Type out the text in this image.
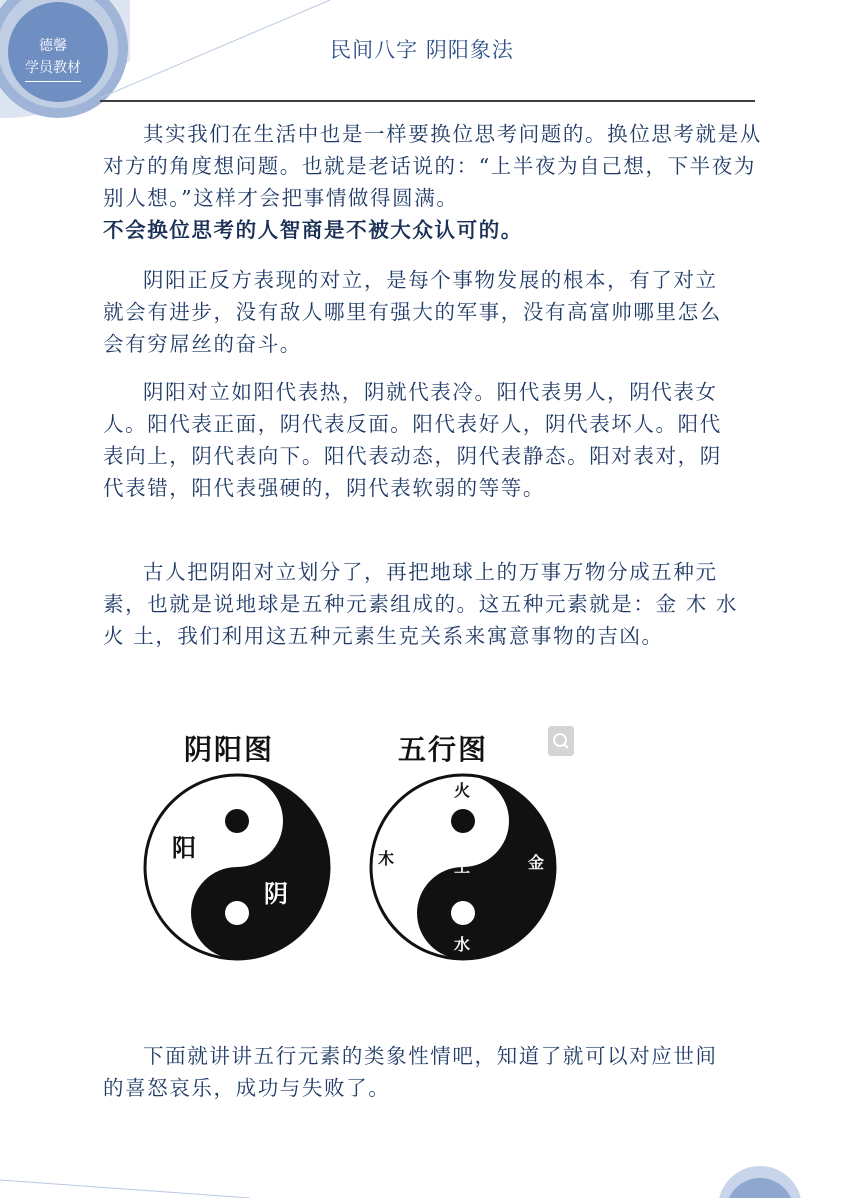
德馨
学员教材
民间八字 阴阳象法
其实我们在生活中也是一样要换位思考问题的。换位思考就是从对方的角度想问题。也就是老话说的：“上半夜为自己想，下半夜为别人想。”这样才会把事情做得圆满。
不会换位思考的人智商是不被大众认可的。
阴阳正反方表现的对立，是每个事物发展的根本，有了对立就会有进步，没有敌人哪里有强大的军事，没有高富帅哪里怎么会有穷屌丝的奋斗。
阴阳对立如阳代表热，阴就代表冷。阳代表男人，阴代表女人。阳代表正面，阴代表反面。阳代表好人，阴代表坏人。阳代表向上，阴代表向下。阳代表动态，阴代表静态。阳对表对，阴代表错，阳代表强硬的，阴代表软弱的等等。
古人把阴阳对立划分了，再把地球上的万事万物分成五种元素，也就是说地球是五种元素组成的。这五种元素就是：金 木 水 火 土，我们利用这五种元素生克关系来寓意事物的吉凶。
阴阳图	五行图
阳
阴
火
木	土	金
水
下面就讲讲五行元素的类象性情吧，知道了就可以对应世间的喜怒哀乐，成功与失败了。
